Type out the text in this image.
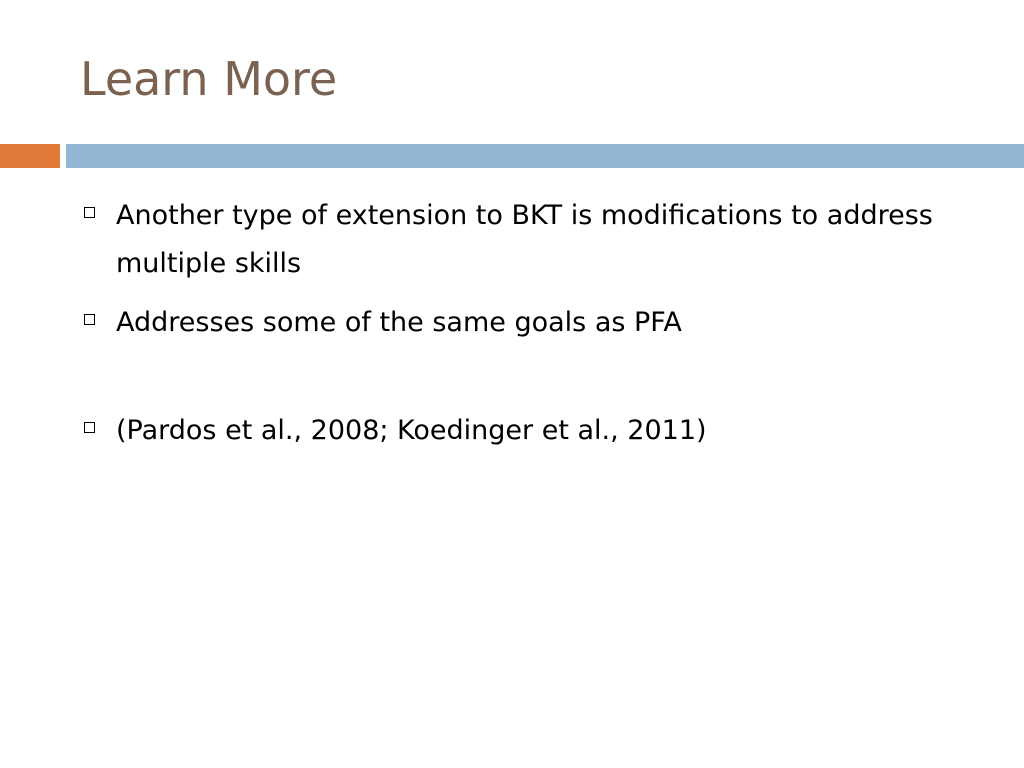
Learn More
Another type of extension to BKT is modifications to address multiple skills
Addresses some of the same goals as PFA
(Pardos et al., 2008; Koedinger et al., 2011)
